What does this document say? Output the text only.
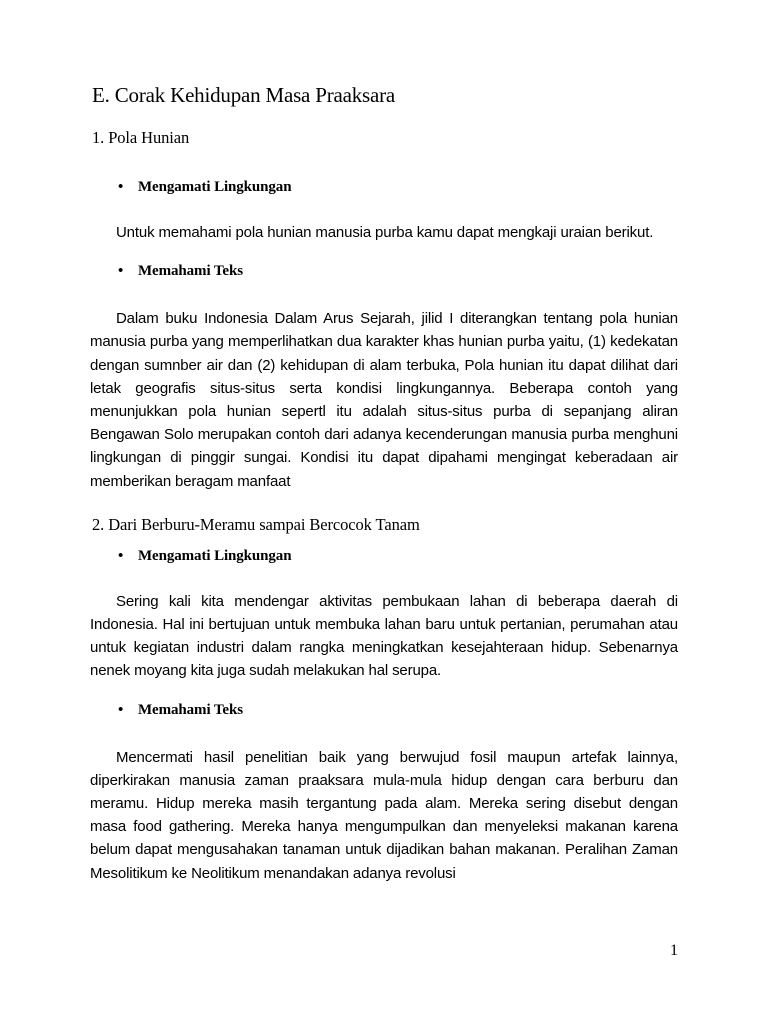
E. Corak Kehidupan Masa Praaksara
1. Pola Hunian
• Mengamati Lingkungan

Untuk memahami pola hunian manusia purba kamu dapat mengkaji uraian berikut.

• Memahami Teks

Dalam buku Indonesia Dalam Arus Sejarah, jilid I diterangkan tentang pola hunian manusia purba yang memperlihatkan dua karakter khas hunian purba yaitu, (1) kedekatan dengan sumnber air dan (2) kehidupan di alam terbuka, Pola hunian itu dapat dilihat dari letak geografis situs-situs serta kondisi lingkungannya. Beberapa contoh yang menunjukkan pola hunian sepertl itu adalah situs-situs purba di sepanjang aliran Bengawan Solo merupakan contoh dari adanya kecenderungan manusia purba menghuni lingkungan di pinggir sungai. Kondisi itu dapat dipahami mengingat keberadaan air memberikan beragam manfaat

2. Dari Berburu-Meramu sampai Bercocok Tanam
• Mengamati Lingkungan

Sering kali kita mendengar aktivitas pembukaan lahan di beberapa daerah di Indonesia. Hal ini bertujuan untuk membuka lahan baru untuk pertanian, perumahan atau untuk kegiatan industri dalam rangka meningkatkan kesejahteraan hidup. Sebenarnya nenek moyang kita juga sudah melakukan hal serupa.

• Memahami Teks

Mencermati hasil penelitian baik yang berwujud fosil maupun artefak lainnya, diperkirakan manusia zaman praaksara mula-mula hidup dengan cara berburu dan meramu. Hidup mereka masih tergantung pada alam. Mereka sering disebut dengan masa food gathering. Mereka hanya mengumpulkan dan menyeleksi makanan karena belum dapat mengusahakan tanaman untuk dijadikan bahan makanan. Peralihan Zaman Mesolitikum ke Neolitikum menandakan adanya revolusi

1
